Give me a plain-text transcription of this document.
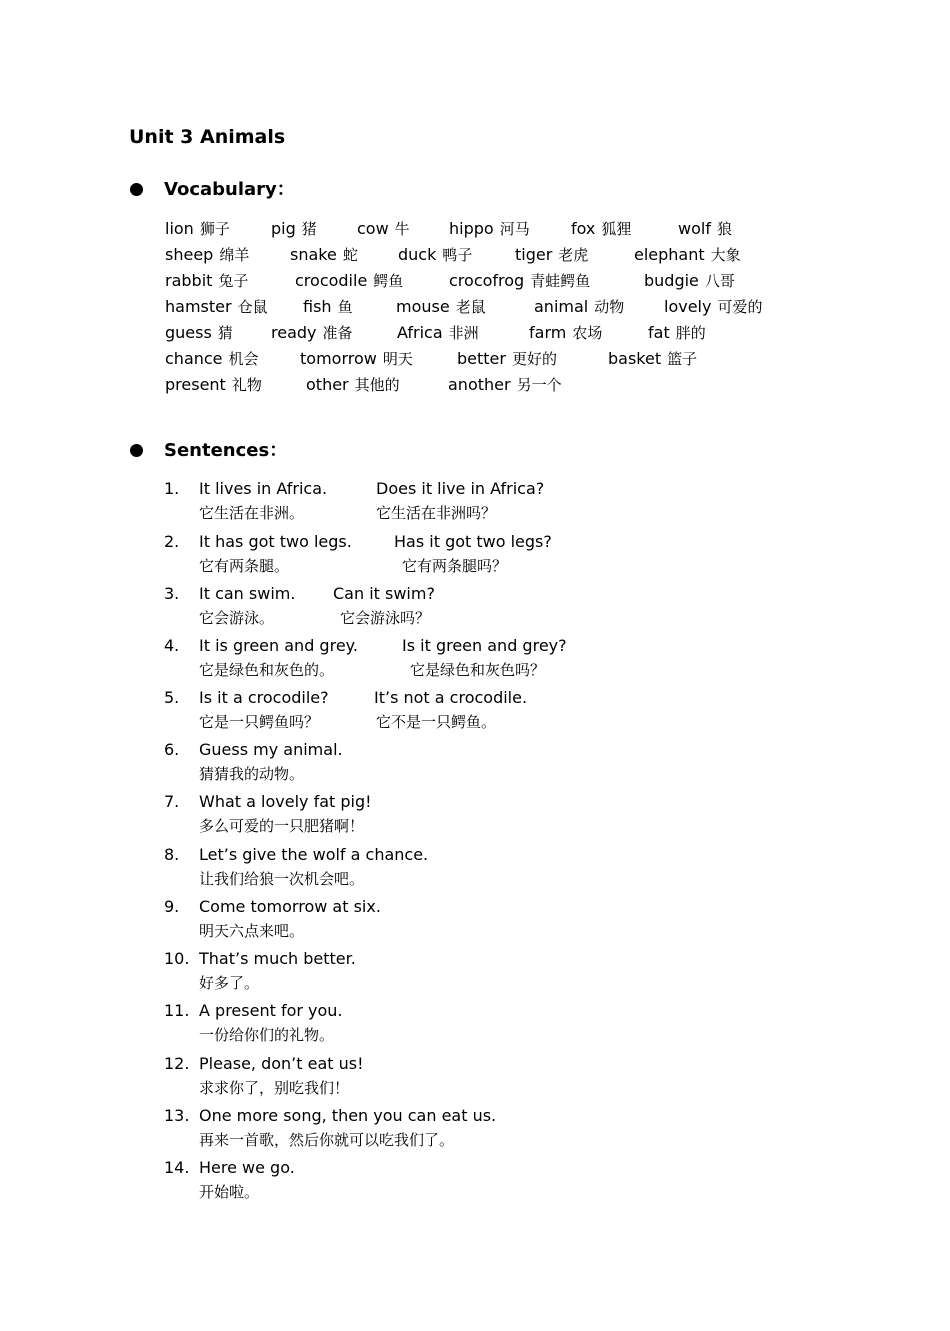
Unit 3 Animals
Vocabulary：
lion 狮子	pig 猪	cow 牛 hippo 河马	fox 狐狸	wolf 狼
sheep 绵羊	snake 蛇	duck 鸭子	tiger 老虎	elephant 大象
rabbit 兔子	crocodile 鳄鱼	crocofrog 青蛙鳄鱼	budgie 八哥
hamster 仓鼠 fish 鱼	mouse 老鼠	animal 动物 lovely 可爱的
guess 猜 ready 准备	Africa 非洲	farm 农场	fat 胖的
chance 机会	tomorrow 明天	better 更好的	basket 篮子
present 礼物	other 其他的	another 另一个
Sentences：
1. It lives in Africa.
它生活在非洲。
Does it live in Africa?
它生活在非洲吗？
2. It has got two legs.
它有两条腿。
Has it got two legs?
它有两条腿吗？
3. It can swim.
它会游泳。
Can it swim?
它会游泳吗？
4. It is green and grey.
它是绿色和灰色的。
Is it green and grey?
它是绿色和灰色吗？
5. Is it a crocodile?
它是一只鳄鱼吗？
It’s not a crocodile.
它不是一只鳄鱼。
6. Guess my animal.
猜猜我的动物。
7. What a lovely fat pig!
多么可爱的一只肥猪啊！
8. Let’s give the wolf a chance.
让我们给狼一次机会吧。
9. Come tomorrow at six.
明天六点来吧。
10. That’s much better.
好多了。
11. A present for you.
一份给你们的礼物。
12. Please, don’t eat us!
求求你了，别吃我们！
13. One more song, then you can eat us.
再来一首歌，然后你就可以吃我们了。
14. Here we go.
开始啦。
